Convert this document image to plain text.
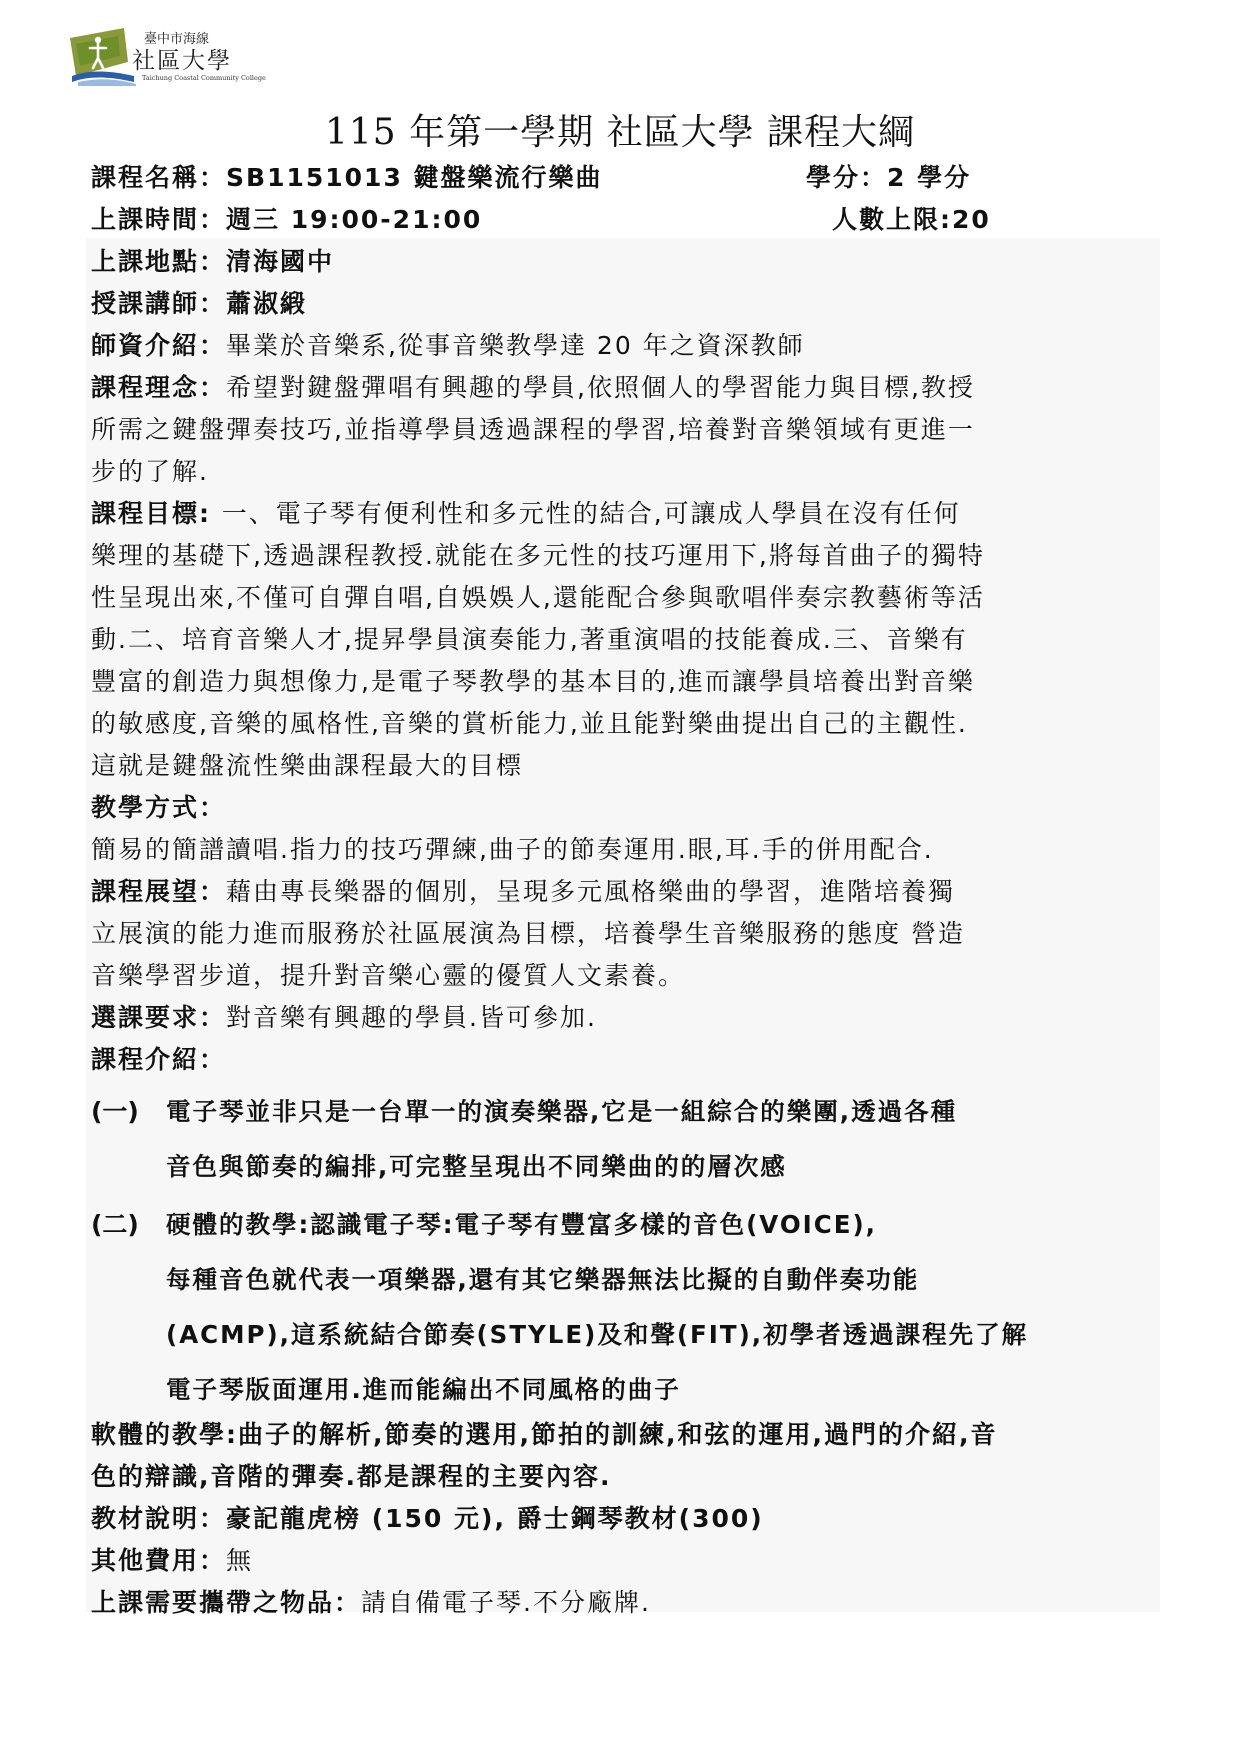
臺中市海線
社區大學
Taichung Coastal Community College
115 年第一學期 社區大學 課程大綱
課程名稱：SB1151013 鍵盤樂流行樂曲	學分：2 學分
上課時間：週三 19:00-21:00	人數上限:20
上課地點：清海國中
授課講師：蕭淑緞
師資介紹：畢業於音樂系,從事音樂教學達 20 年之資深教師
課程理念：希望對鍵盤彈唱有興趣的學員,依照個人的學習能力與目標,教授
所需之鍵盤彈奏技巧,並指導學員透過課程的學習,培養對音樂領域有更進一
步的了解.
課程目標: 一、電子琴有便利性和多元性的結合,可讓成人學員在沒有任何
樂理的基礎下,透過課程教授.就能在多元性的技巧運用下,將每首曲子的獨特
性呈現出來,不僅可自彈自唱,自娛娛人,還能配合參與歌唱伴奏宗教藝術等活
動.二、培育音樂人才,提昇學員演奏能力,著重演唱的技能養成.三、音樂有
豐富的創造力與想像力,是電子琴教學的基本目的,進而讓學員培養出對音樂
的敏感度,音樂的風格性,音樂的賞析能力,並且能對樂曲提出自己的主觀性.
這就是鍵盤流性樂曲課程最大的目標
教學方式：
簡易的簡譜讀唱.指力的技巧彈練,曲子的節奏運用.眼,耳.手的併用配合.
課程展望：藉由專長樂器的個別，呈現多元風格樂曲的學習，進階培養獨
立展演的能力進而服務於社區展演為目標，培養學生音樂服務的態度 營造
音樂學習步道，提升對音樂心靈的優質人文素養。
選課要求：對音樂有興趣的學員.皆可參加.
課程介紹：
(一) 電子琴並非只是一台單一的演奏樂器,它是一組綜合的樂團,透過各種
音色與節奏的編排,可完整呈現出不同樂曲的的層次感
(二) 硬體的教學:認識電子琴:電子琴有豐富多樣的音色(VOICE),
每種音色就代表一項樂器,還有其它樂器無法比擬的自動伴奏功能
(ACMP),這系統結合節奏(STYLE)及和聲(FIT),初學者透過課程先了解
電子琴版面運用.進而能編出不同風格的曲子
軟體的教學:曲子的解析,節奏的選用,節拍的訓練,和弦的運用,過門的介紹,音
色的辯識,音階的彈奏.都是課程的主要內容.
教材說明：豪記龍虎榜 (150 元), 爵士鋼琴教材(300)
其他費用：無
上課需要攜帶之物品：請自備電子琴.不分廠牌.
